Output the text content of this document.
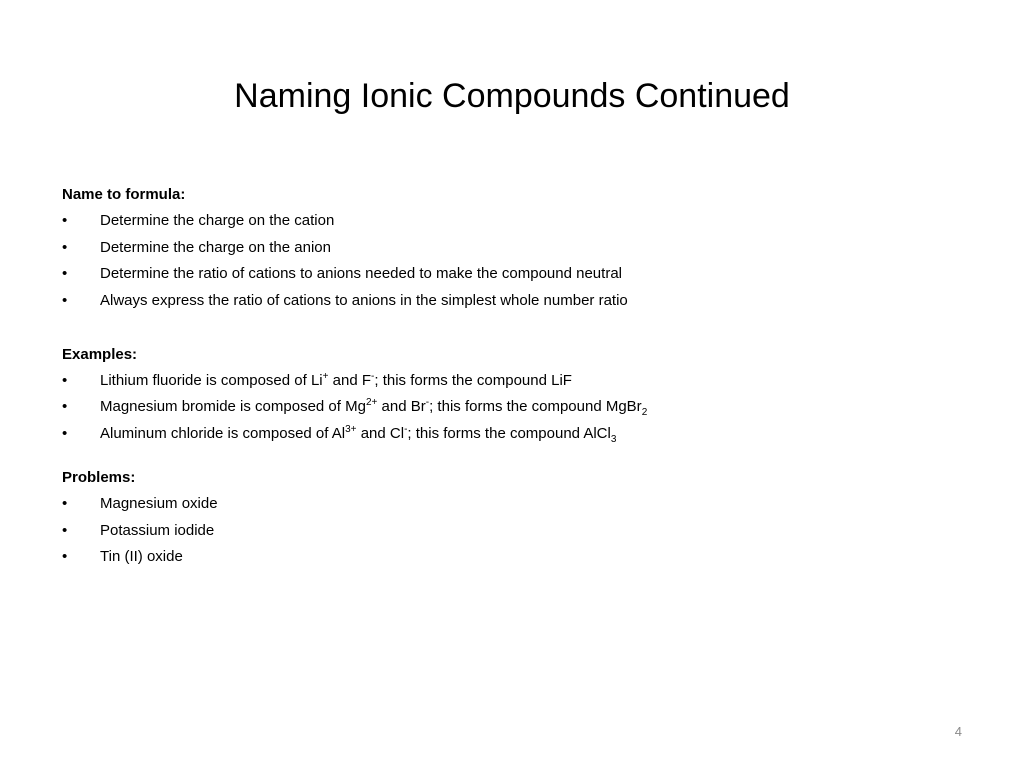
Naming Ionic Compounds Continued
Name to formula:
• Determine the charge on the cation
• Determine the charge on the anion
• Determine the ratio of cations to anions needed to make the compound neutral
• Always express the ratio of cations to anions in the simplest whole number ratio
Examples:
• Lithium fluoride is composed of Li+ and F-; this forms the compound LiF
• Magnesium bromide is composed of $Mg^{2+}$ and Br-; this forms the compound MgBr$_2$
• Aluminum chloride is composed of $Al^{3+}$ and Cl-; this forms the compound AlCl$_3$
Problems:
• Magnesium oxide
• Potassium iodide
• Tin (II) oxide
4
